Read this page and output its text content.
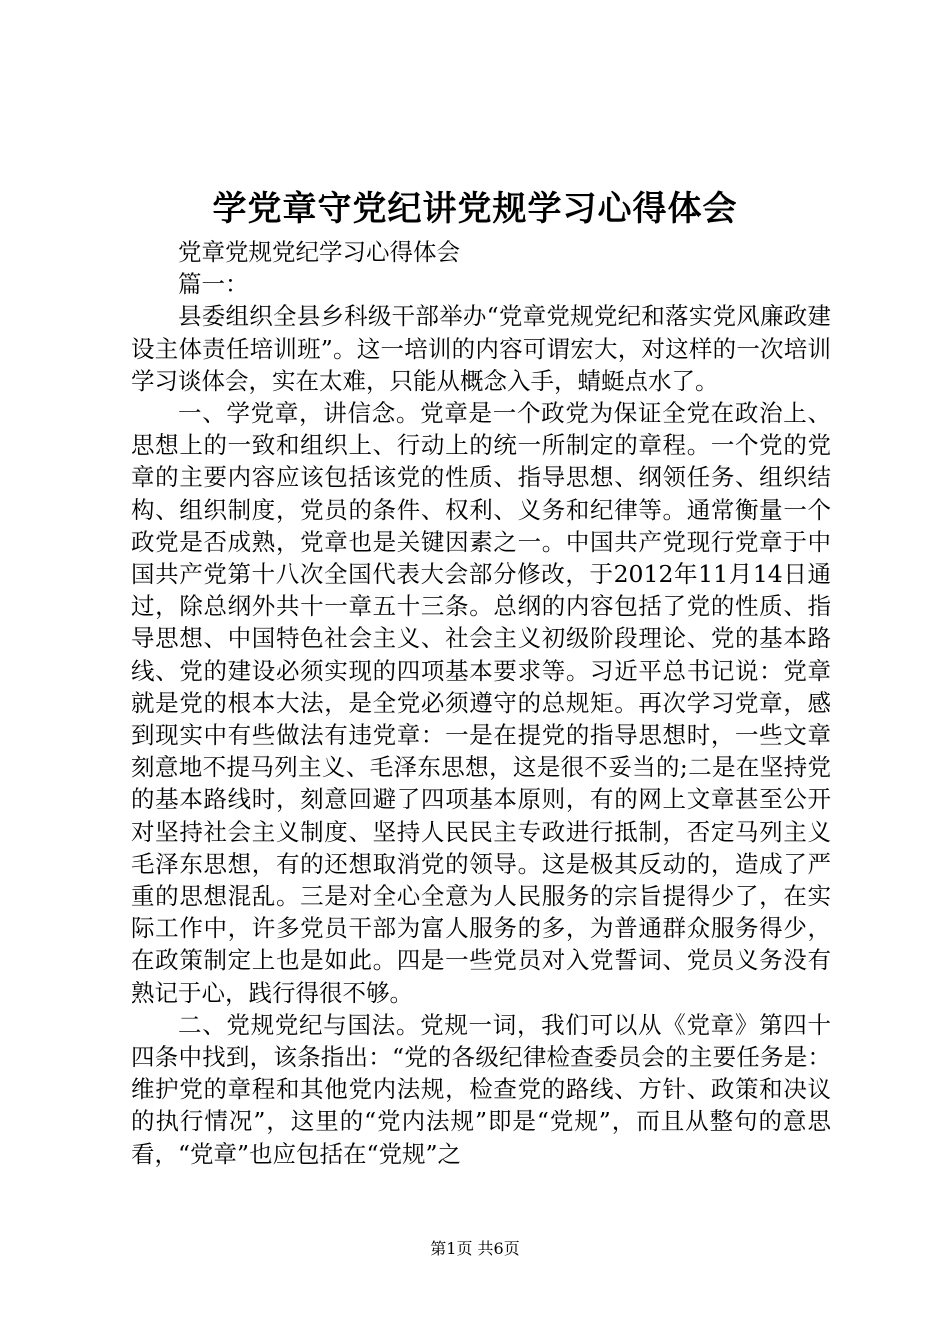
学党章守党纪讲党规学习心得体会

党章党规党纪学习心得体会

篇一：

县委组织全县乡科级干部举办“党章党规党纪和落实党风廉政建设主体责任培训班”。这一培训的内容可谓宏大，对这样的一次培训学习谈体会，实在太难，只能从概念入手，蜻蜓点水了。

一、学党章，讲信念。党章是一个政党为保证全党在政治上、思想上的一致和组织上、行动上的统一所制定的章程。一个党的党章的主要内容应该包括该党的性质、指导思想、纲领任务、组织结构、组织制度，党员的条件、权利、义务和纪律等。通常衡量一个政党是否成熟，党章也是关键因素之一。中国共产党现行党章于中国共产党第十八次全国代表大会部分修改，于2012年11月14日通过，除总纲外共十一章五十三条。总纲的内容包括了党的性质、指导思想、中国特色社会主义、社会主义初级阶段理论、党的基本路线、党的建设必须实现的四项基本要求等。习近平总书记说：党章就是党的根本大法，是全党必须遵守的总规矩。再次学习党章，感到现实中有些做法有违党章：一是在提党的指导思想时，一些文章刻意地不提马列主义、毛泽东思想，这是很不妥当的;二是在坚持党的基本路线时，刻意回避了四项基本原则，有的网上文章甚至公开对坚持社会主义制度、坚持人民民主专政进行抵制，否定马列主义毛泽东思想，有的还想取消党的领导。这是极其反动的，造成了严重的思想混乱。三是对全心全意为人民服务的宗旨提得少了，在实际工作中，许多党员干部为富人服务的多，为普通群众服务得少，在政策制定上也是如此。四是一些党员对入党誓词、党员义务没有熟记于心，践行得很不够。

二、党规党纪与国法。党规一词，我们可以从《党章》第四十四条中找到，该条指出：“党的各级纪律检查委员会的主要任务是：维护党的章程和其他党内法规，检查党的路线、方针、政策和决议的执行情况”，这里的“党内法规”即是“党规”，而且从整句的意思看，“党章”也应包括在“党规”之

第1页 共6页
